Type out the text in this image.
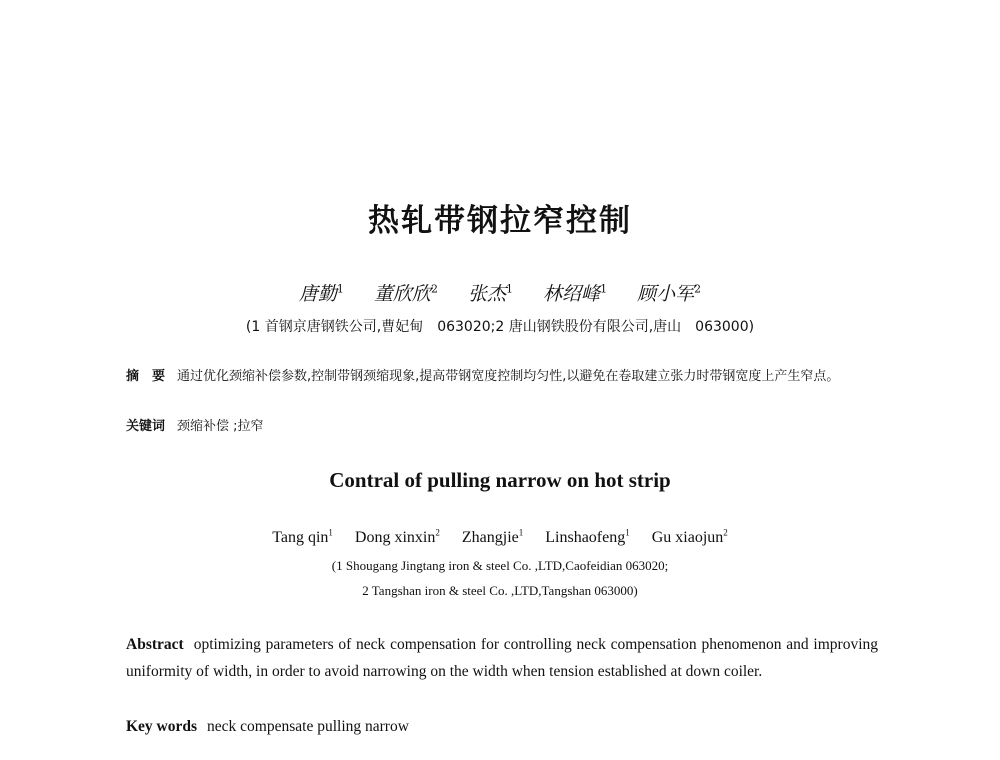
热轧带钢拉窄控制
唐勤$^1$ 董欣欣$^2$ 张杰$^1$ 林绍峰$^1$ 顾小军$^2$
(1 首钢京唐钢铁公司,曹妃甸　063020;2 唐山钢铁股份有限公司,唐山　063000)
摘　要 通过优化颈缩补偿参数,控制带钢颈缩现象,提高带钢宽度控制均匀性,以避免在卷取建立张力时带钢宽度上产生窄点。
关键词 颈缩补偿 ;拉窄
Contral of pulling narrow on hot strip
Tang qin$^1$ Dong xinxin$^2$ Zhangjie$^1$ Linshaofeng$^1$ Gu xiaojun$^2$
(1 Shougang Jingtang iron & steel Co. ,LTD,Caofeidian 063020;
2 Tangshan iron & steel Co. ,LTD,Tangshan 063000)
Abstract optimizing parameters of neck compensation for controlling neck compensation phenomenon and improving uniformity of width, in order to avoid narrowing on the width when tension established at down coiler.
Key words neck compensate pulling narrow
